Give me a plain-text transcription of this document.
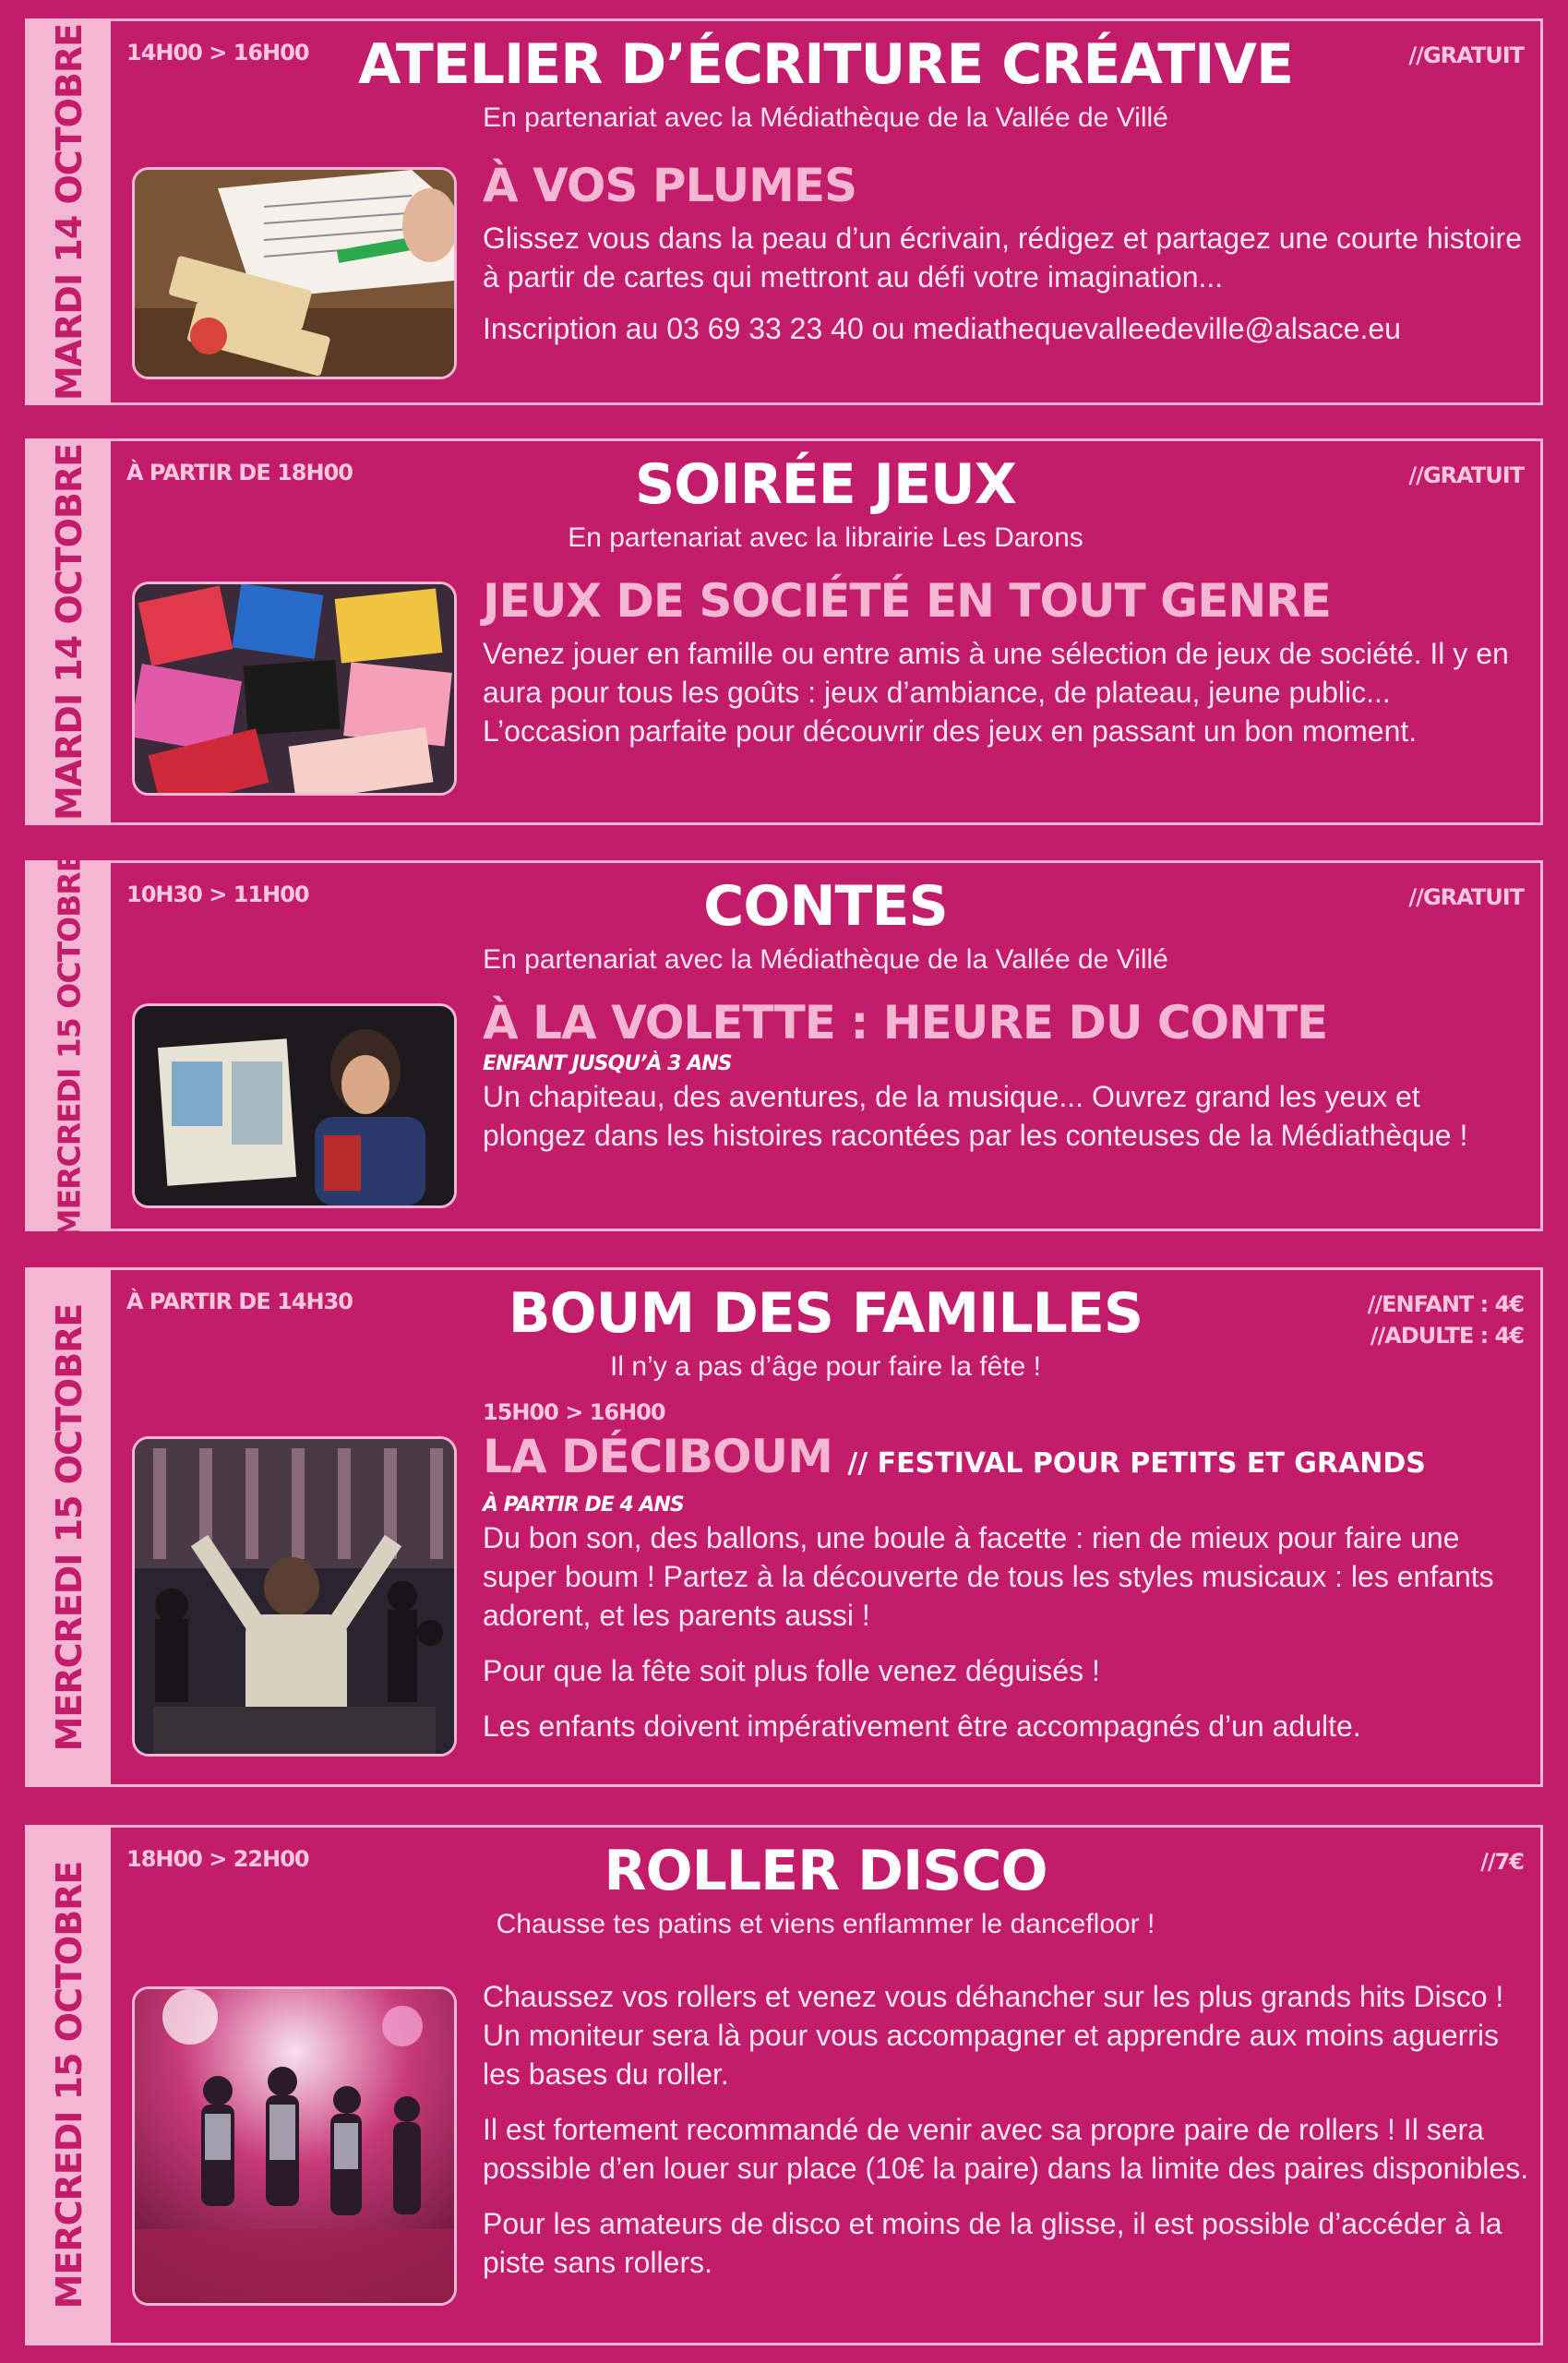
MARDI 14 OCTOBRE 14H00 > 16H00	//GRATUIT
ATELIER D’ÉCRITURE CRÉATIVE
En partenariat avec la Médiathèque de la Vallée de Villé
À VOS PLUMES

Glissez vous dans la peau d’un écrivain, rédigez et partagez une courte histoire à partir de cartes qui mettront au défi votre imagination...

Inscription au 03 69 33 23 40 ou mediathequevalleedeville@alsace.eu

MARDI 14 OCTOBRE À PARTIR DE 18H00	//GRATUIT
SOIRÉE JEUX
En partenariat avec la librairie Les Darons
JEUX DE SOCIÉTÉ EN TOUT GENRE

Venez jouer en famille ou entre amis à une sélection de jeux de société. Il y en aura pour tous les goûts : jeux d’ambiance, de plateau, jeune public... L’occasion parfaite pour découvrir des jeux en passant un bon moment.

MERCREDI 15 OCTOBRE 10H30 > 11H00	//GRATUIT
CONTES
En partenariat avec la Médiathèque de la Vallée de Villé
À LA VOLETTE : HEURE DU CONTE
ENFANT JUSQU’À 3 ANS

Un chapiteau, des aventures, de la musique... Ouvrez grand les yeux et plongez dans les histoires racontées par les conteuses de la Médiathèque !

MERCREDI 15 OCTOBRE
À PARTIR DE 14H30	//ENFANT : 4€
//ADULTE : 4€
BOUM DES FAMILLES
Il n’y a pas d’âge pour faire la fête !
15H00 > 16H00
LA DÉCIBOUM // FESTIVAL POUR PETITS ET GRANDS
À PARTIR DE 4 ANS

Du bon son, des ballons, une boule à facette : rien de mieux pour faire une super boum ! Partez à la découverte de tous les styles musicaux : les enfants adorent, et les parents aussi !

Pour que la fête soit plus folle venez déguisés !

Les enfants doivent impérativement être accompagnés d’un adulte.

MERCREDI 15 OCTOBRE
18H00 > 22H00	//7€
ROLLER DISCO
Chausse tes patins et viens enflammer le dancefloor !

Chaussez vos rollers et venez vous déhancher sur les plus grands hits Disco ! Un moniteur sera là pour vous accompagner et apprendre aux moins aguerris les bases du roller.

Il est fortement recommandé de venir avec sa propre paire de rollers ! Il sera possible d’en louer sur place (10€ la paire) dans la limite des paires disponibles.

Pour les amateurs de disco et moins de la glisse, il est possible d’accéder à la piste sans rollers.
